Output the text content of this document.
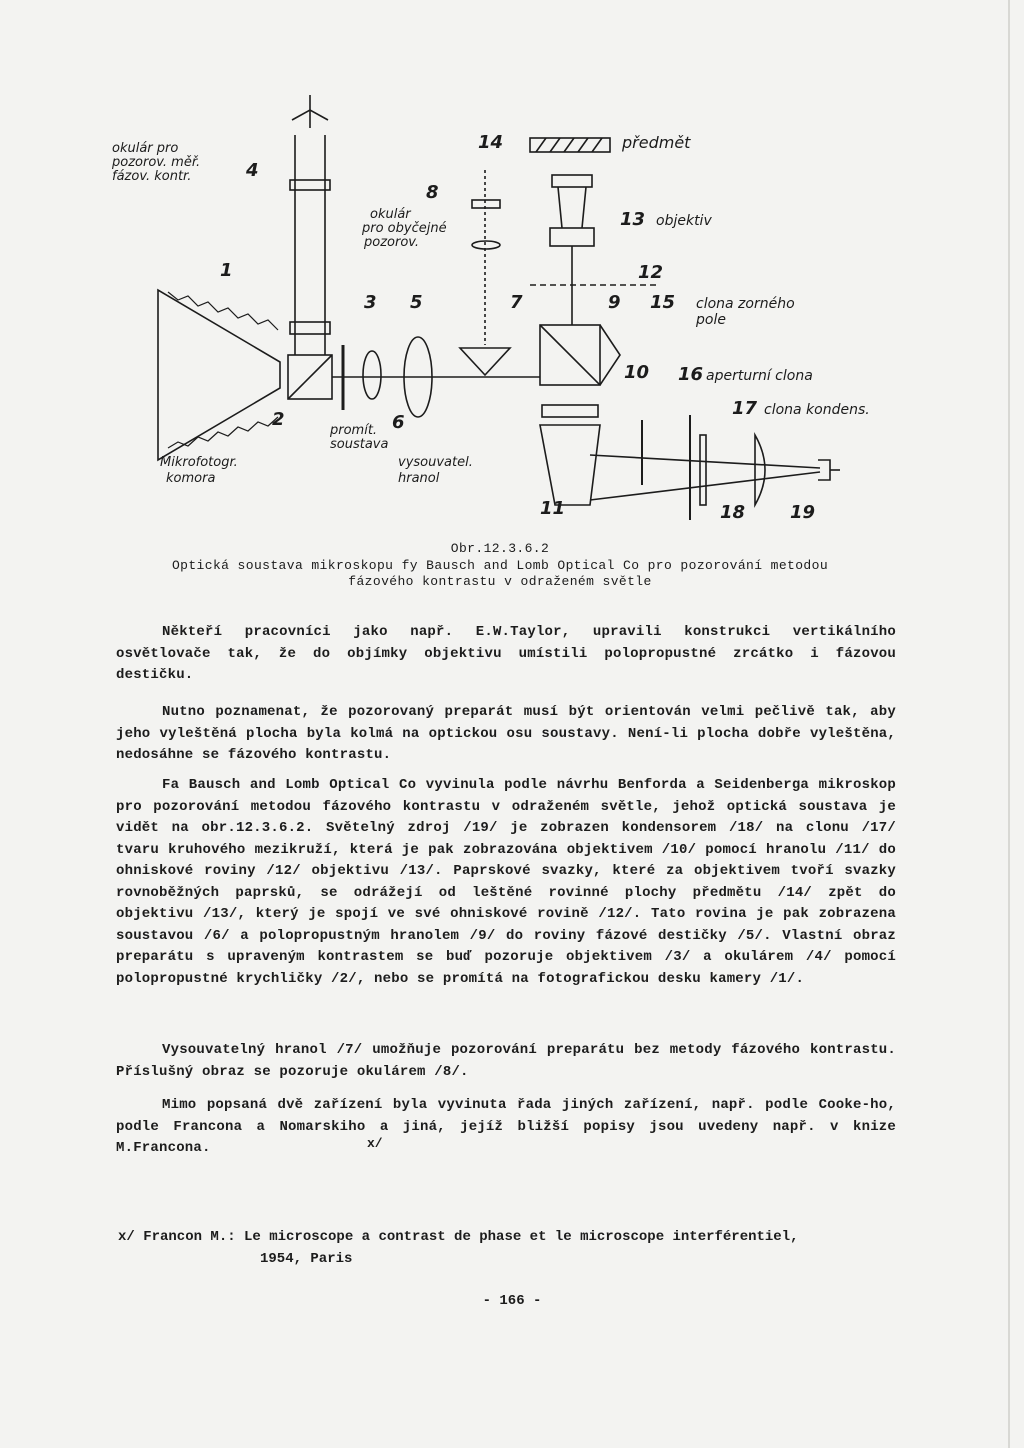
okulár pro
pozorov. měř.
fázov. kontr.
okulár
pro obyčejné
pozorov.
předmět
objektiv
clona zorného
pole
aperturní clona
clona kondens.
promít.
soustava
vysouvatel.
hranol
Mikrofotogr.
komora
1
2
3
4
5
6
7
8
9
10
11
12
13
14
15
16
17
18 19
Obr.12.3.6.2
Optická soustava mikroskopu fy Bausch and Lomb Optical Co pro pozorování metodou
fázového kontrastu v odraženém světle

Někteří pracovníci jako např. E.W.Taylor, upravili konstrukci vertikálního osvětlovače tak, že do objímky objektivu umístili polopropustné zrcátko i fázovou destičku.

Nutno poznamenat, že pozorovaný preparát musí být orientován velmi pečlivě tak, aby jeho vyleštěná plocha byla kolmá na optickou osu soustavy. Není-li plocha dobře vyleštěna, nedosáhne se fázového kontrastu.

Fa Bausch and Lomb Optical Co vyvinula podle návrhu Benforda a Seidenberga mikroskop pro pozorování metodou fázového kontrastu v odraženém světle, jehož optická soustava je vidět na obr.12.3.6.2. Světelný zdroj /19/ je zobrazen kondensorem /18/ na clonu /17/ tvaru kruhového mezikruží, která je pak zobrazována objektivem /10/ pomocí hranolu /11/ do ohniskové roviny /12/ objektivu /13/. Paprskové svazky, které za objektivem tvoří svazky rovnoběžných paprsků, se odrážejí od leštěné rovinné plochy předmětu /14/ zpět do objektivu /13/, který je spojí ve své ohniskové rovině /12/. Tato rovina je pak zobrazena soustavou /6/ a polopropustným hranolem /9/ do roviny fázové destičky /5/. Vlastní obraz preparátu s upraveným kontrastem se buď pozoruje objektivem /3/ a okulárem /4/ pomocí polopropustné krychličky /2/, nebo se promítá na fotografickou desku kamery /1/.

Vysouvatelný hranol /7/ umožňuje pozorování preparátu bez metody fázového kontrastu. Příslušný obraz se pozoruje okulárem /8/.

Mimo popsaná dvě zařízení byla vyvinuta řada jiných zařízení, např. podle Cooke-ho, podle Francona a Nomarskiho a jiná, jejíž bližší popisy jsou uvedeny např. v knize M.Francona.	x/
x/ Francon M.: Le microscope a contrast de phase et le microscope interférentiel,
1954, Paris
- 166 -
